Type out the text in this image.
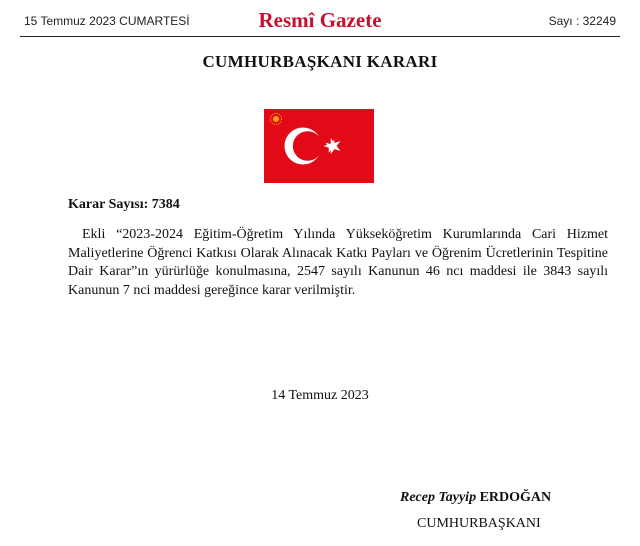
15 Temmuz 2023 CUMARTESİ	Resmî Gazete	Sayı : 32249
CUMHURBAŞKANI KARARI
Karar Sayısı: 7384
Ekli “2023-2024 Eğitim-Öğretim Yılında Yükseköğretim Kurumlarında Cari Hizmet Maliyetlerine Öğrenci Katkısı Olarak Alınacak Katkı Payları ve Öğrenim Ücretlerinin Tespitine Dair Karar”ın yürürlüğe konulmasına, 2547 sayılı Kanunun 46 ncı maddesi ile 3843 sayılı Kanunun 7 nci maddesi gereğince karar verilmiştir.
14 Temmuz 2023
Recep Tayyip ERDOĞAN
CUMHURBAŞKANI
